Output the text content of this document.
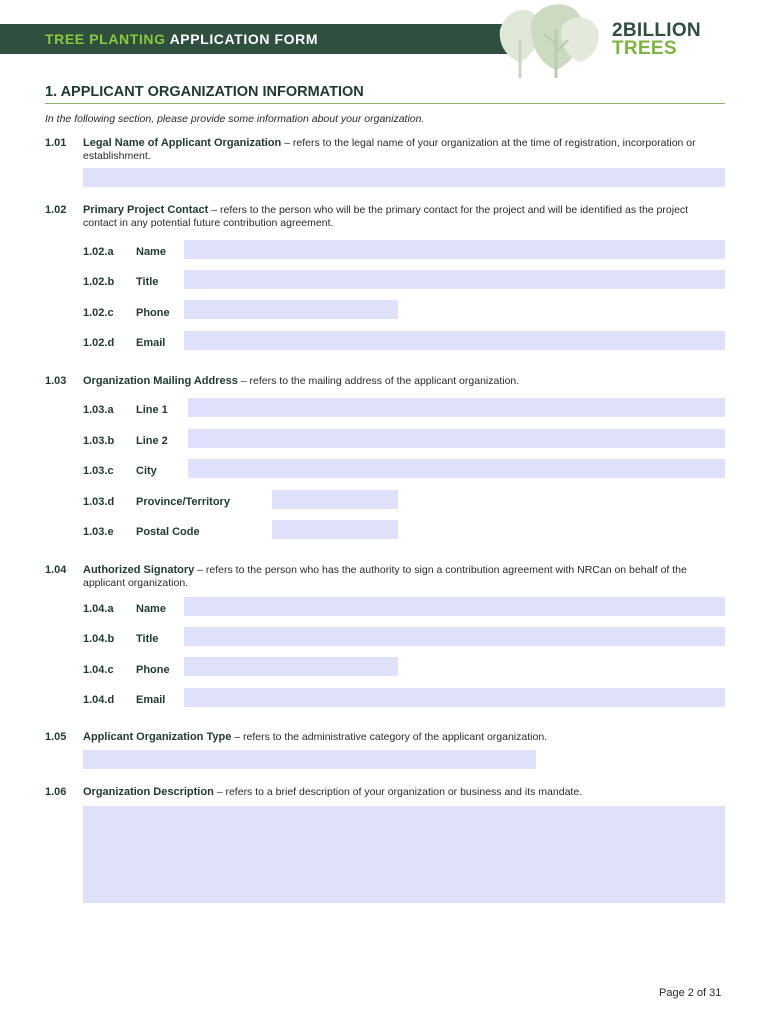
TREE PLANTING APPLICATION FORM	2BILLION
TREES
1. APPLICANT ORGANIZATION INFORMATION
In the following section, please provide some information about your organization.
1.01 Legal Name of Applicant Organization – refers to the legal name of your organization at the time of registration, incorporation or establishment.
1.02 Primary Project Contact – refers to the person who will be the primary contact for the project and will be identified as the project contact in any potential future contribution agreement.
1.02.a Name
1.02.b Title
1.02.c Phone
1.02.d Email
1.03 Organization Mailing Address – refers to the mailing address of the applicant organization.
1.03.a Line 1
1.03.b Line 2
1.03.c City
1.03.d Province/Territory
1.03.e Postal Code
1.04 Authorized Signatory – refers to the person who has the authority to sign a contribution agreement with NRCan on behalf of the applicant organization.
1.04.a Name
1.04.b Title
1.04.c Phone
1.04.d Email
1.05 Applicant Organization Type – refers to the administrative category of the applicant organization.
1.06 Organization Description – refers to a brief description of your organization or business and its mandate.
Page 2 of 31
